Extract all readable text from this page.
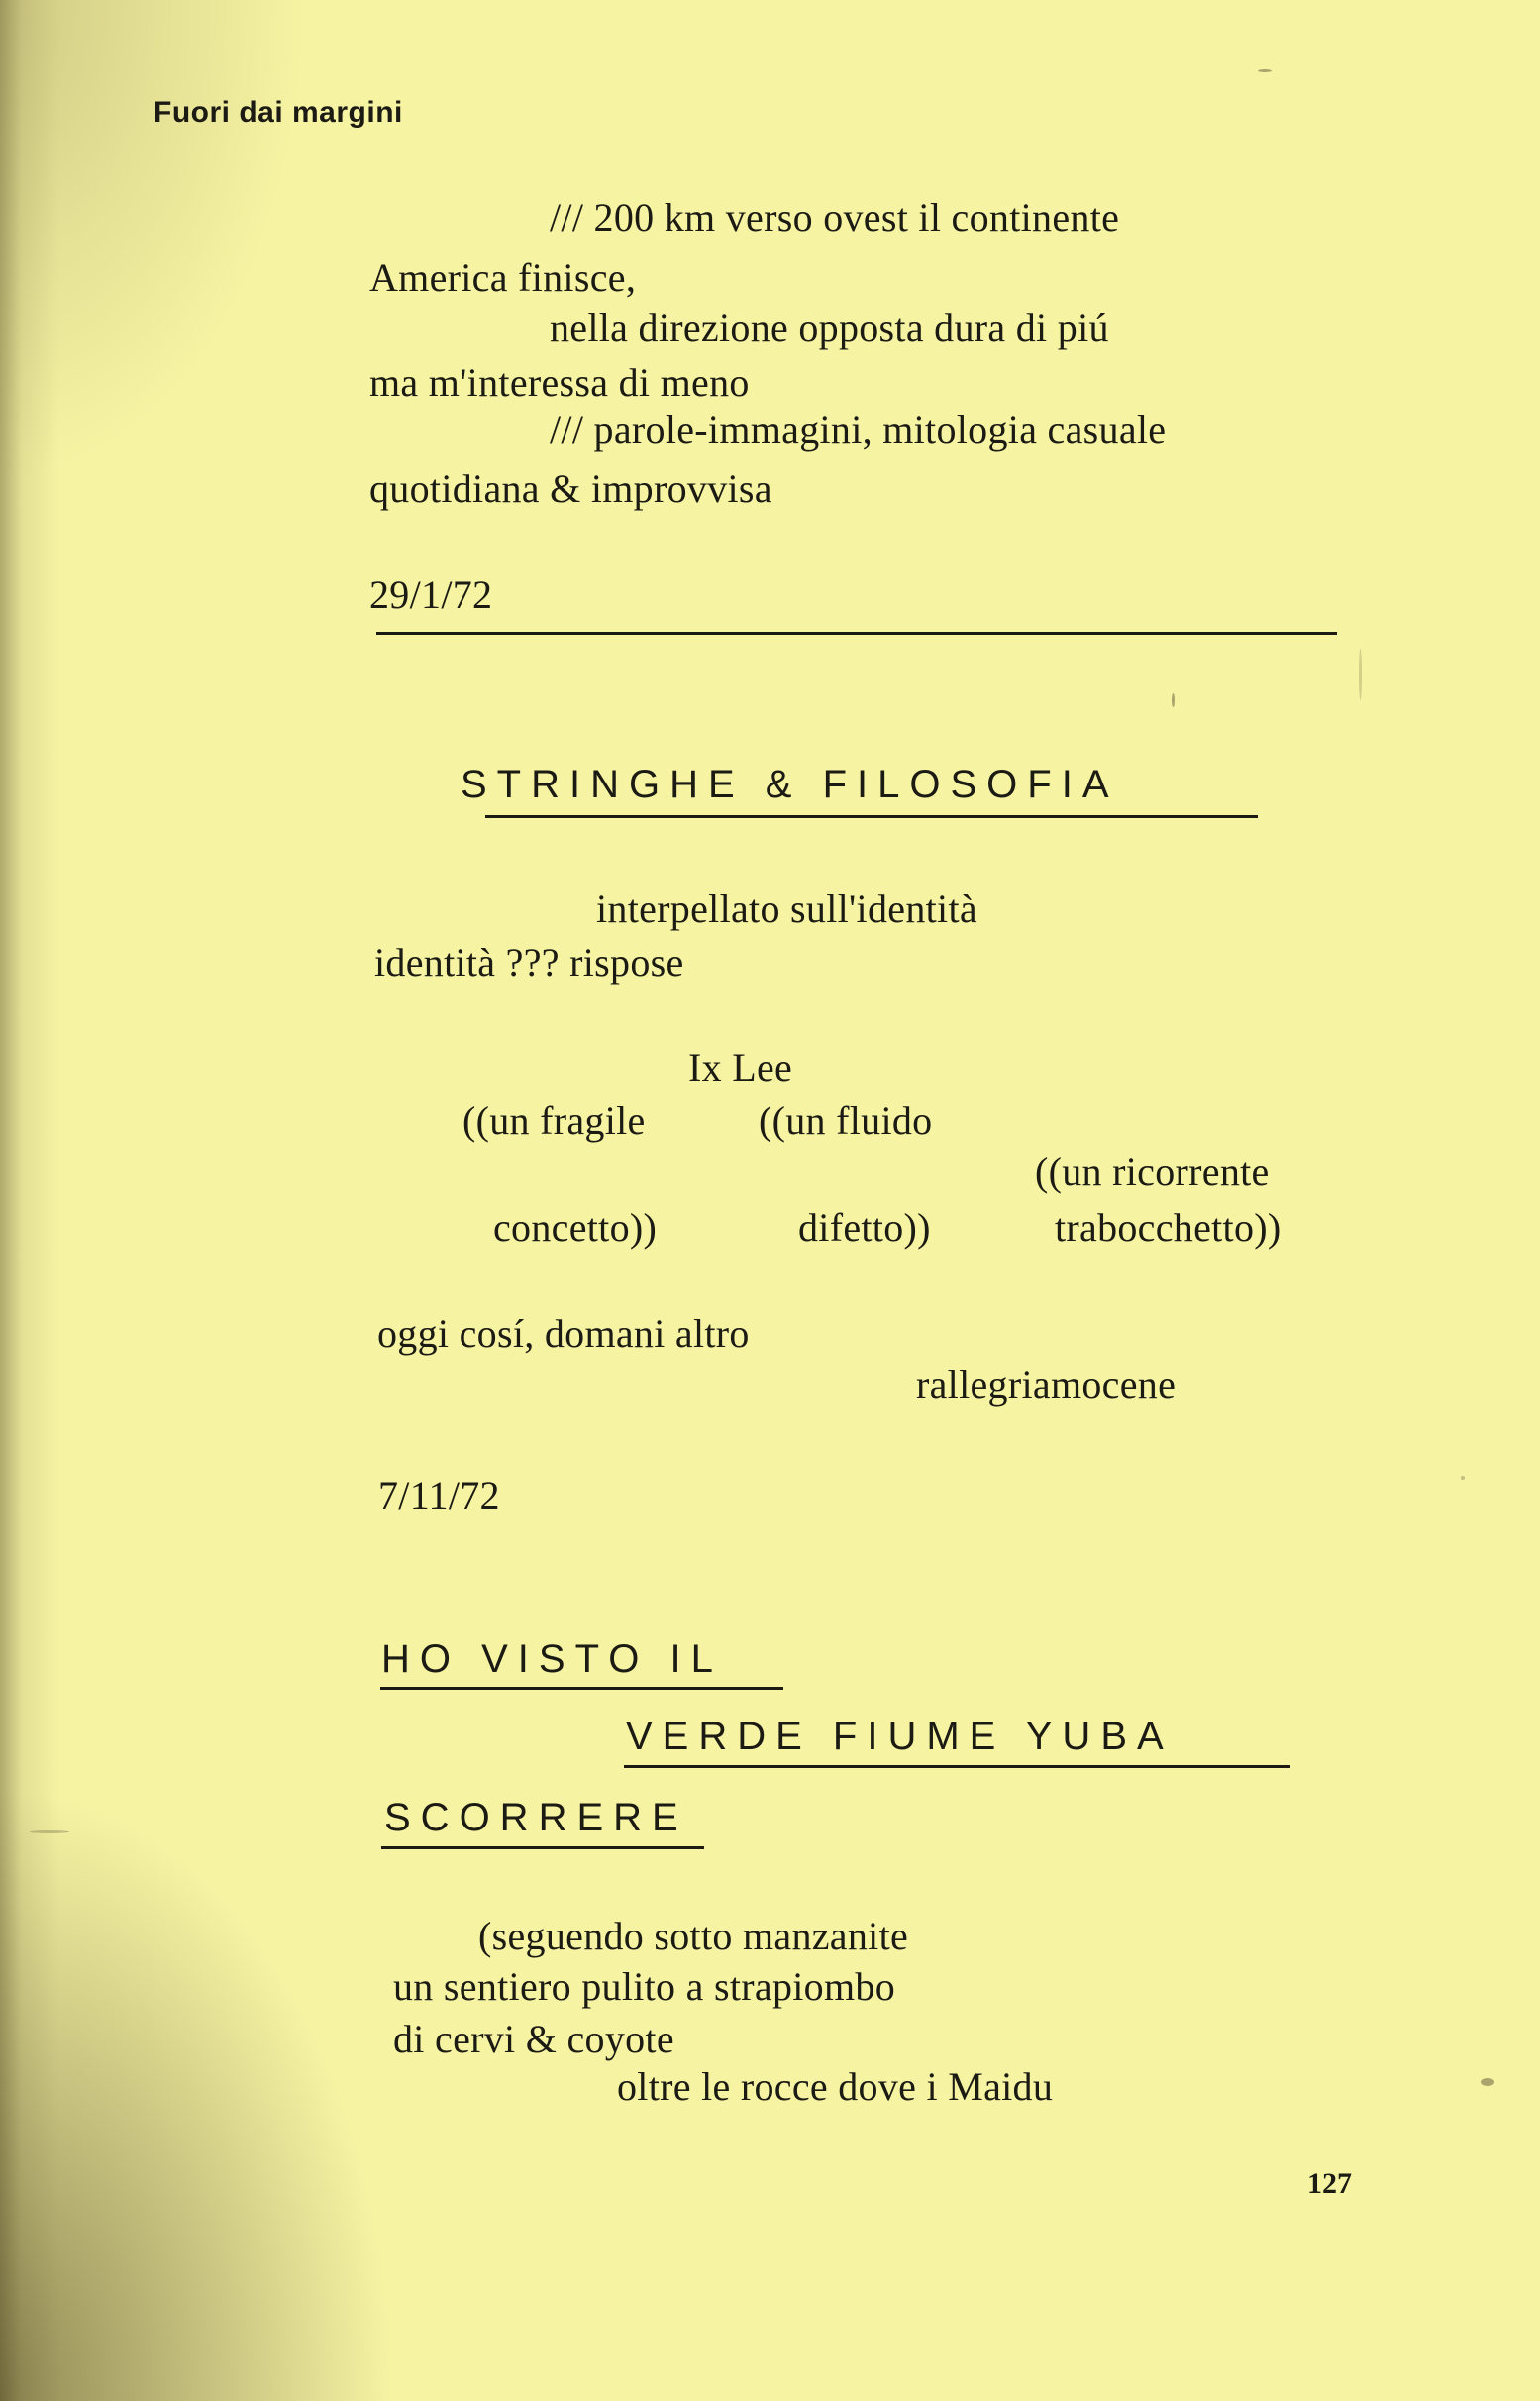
Fuori dai margini
/// 200 km verso ovest il continente
America finisce,
nella direzione opposta dura di piú
ma m'interessa di meno
/// parole-immagini, mitologia casuale
quotidiana & improvvisa
29/1/72
STRINGHE & FILOSOFIA
interpellato sull'identità
identità ??? rispose
Ix Lee
((un fragile	((un fluido
((un ricorrente
concetto))	difetto))	trabocchetto))
oggi cosí, domani altro
rallegriamocene
7/11/72
HO VISTO IL
VERDE FIUME YUBA
SCORRERE
(seguendo sotto manzanite
un sentiero pulito a strapiombo
di cervi & coyote
oltre le rocce dove i Maidu
127
